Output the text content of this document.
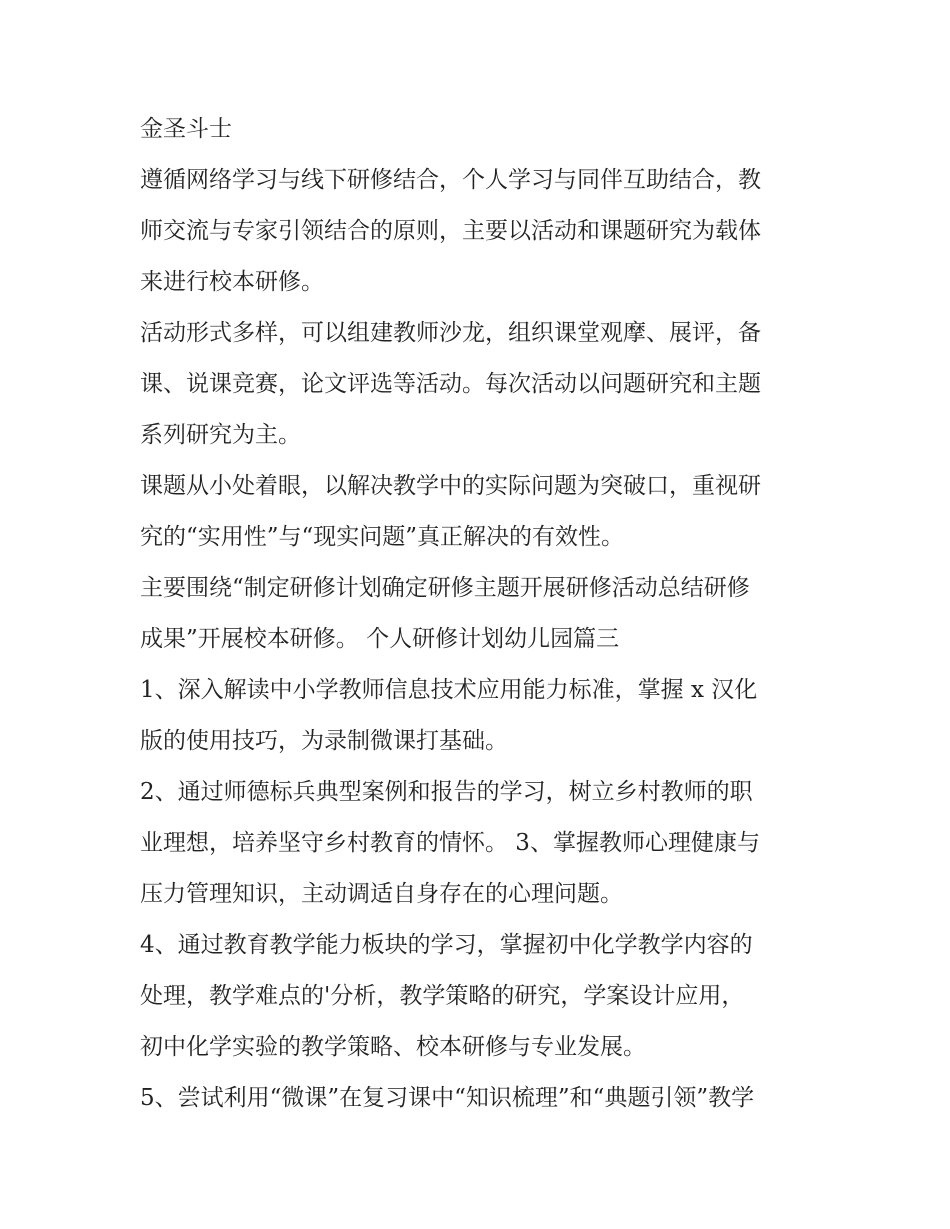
金圣斗士
遵循网络学习与线下研修结合，个人学习与同伴互助结合，教
师交流与专家引领结合的原则，主要以活动和课题研究为载体
来进行校本研修。
活动形式多样，可以组建教师沙龙，组织课堂观摩、展评，备
课、说课竞赛，论文评选等活动。每次活动以问题研究和主题
系列研究为主。
课题从小处着眼，以解决教学中的实际问题为突破口，重视研
究的“实用性”与“现实问题”真正解决的有效性。
主要围绕“制定研修计划确定研修主题开展研修活动总结研修
成果”开展校本研修。 个人研修计划幼儿园篇三
1、深入解读中小学教师信息技术应用能力标准，掌握 x 汉化
版的使用技巧，为录制微课打基础。
2、通过师德标兵典型案例和报告的学习，树立乡村教师的职
业理想，培养坚守乡村教育的情怀。 3、掌握教师心理健康与
压力管理知识，主动调适自身存在的心理问题。
4、通过教育教学能力板块的学习，掌握初中化学教学内容的
处理，教学难点的'分析，教学策略的研究，学案设计应用，
初中化学实验的教学策略、校本研修与专业发展。
5、尝试利用“微课”在复习课中“知识梳理”和“典题引领”教学
